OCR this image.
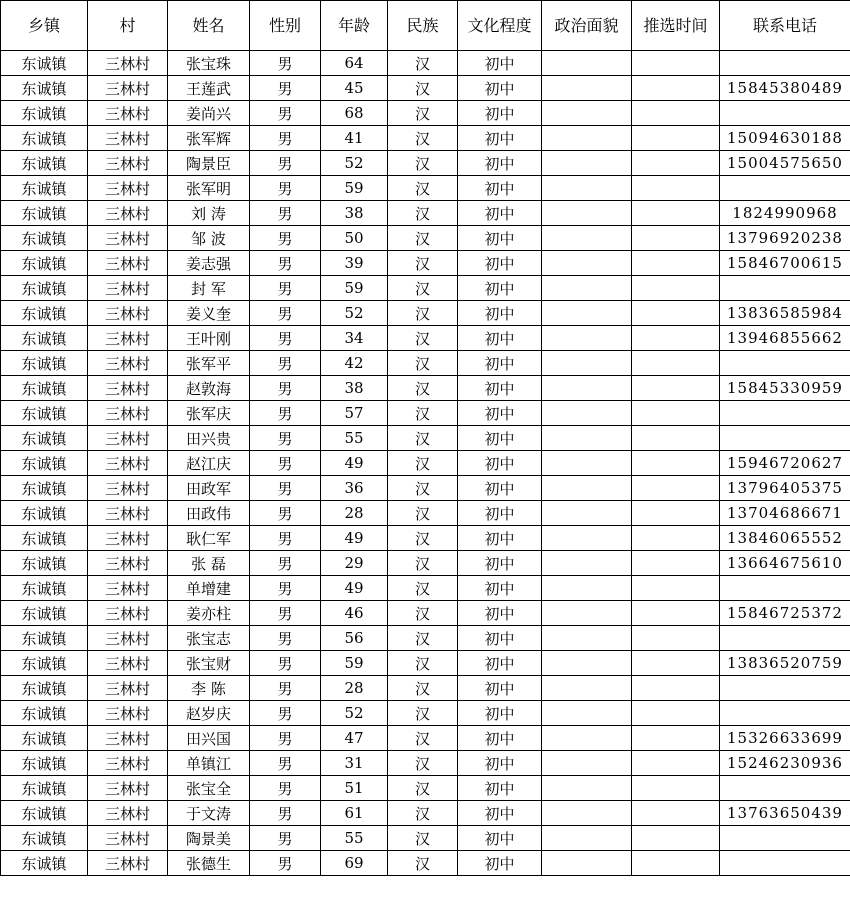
乡镇	村	姓名	性别	年龄	民族	文化程度	政治面貌	推选时间	联系电话
东诚镇	三林村	张宝珠	男	64	汉	初中			
东诚镇	三林村	王莲武	男	45	汉	初中			15845380489
东诚镇	三林村	姜尚兴	男	68	汉	初中			
东诚镇	三林村	张军辉	男	41	汉	初中			15094630188
东诚镇	三林村	陶景臣	男	52	汉	初中			15004575650
东诚镇	三林村	张军明	男	59	汉	初中			
东诚镇	三林村	刘 涛	男	38	汉	初中			1824990968
东诚镇	三林村	邹 波	男	50	汉	初中			13796920238
东诚镇	三林村	姜志强	男	39	汉	初中			15846700615
东诚镇	三林村	封 军	男	59	汉	初中			
东诚镇	三林村	姜义奎	男	52	汉	初中			13836585984
东诚镇	三林村	王叶刚	男	34	汉	初中			13946855662
东诚镇	三林村	张军平	男	42	汉	初中			
东诚镇	三林村	赵敦海	男	38	汉	初中			15845330959
东诚镇	三林村	张军庆	男	57	汉	初中			
东诚镇	三林村	田兴贵	男	55	汉	初中			
东诚镇	三林村	赵江庆	男	49	汉	初中			15946720627
东诚镇	三林村	田政军	男	36	汉	初中			13796405375
东诚镇	三林村	田政伟	男	28	汉	初中			13704686671
东诚镇	三林村	耿仁军	男	49	汉	初中			13846065552
东诚镇	三林村	张 磊	男	29	汉	初中			13664675610
东诚镇	三林村	单增建	男	49	汉	初中			
东诚镇	三林村	姜亦柱	男	46	汉	初中			15846725372
东诚镇	三林村	张宝志	男	56	汉	初中			
东诚镇	三林村	张宝财	男	59	汉	初中			13836520759
东诚镇	三林村	李 陈	男	28	汉	初中			
东诚镇	三林村	赵岁庆	男	52	汉	初中			
东诚镇	三林村	田兴国	男	47	汉	初中			15326633699
东诚镇	三林村	单镇江	男	31	汉	初中			15246230936
东诚镇	三林村	张宝全	男	51	汉	初中			
东诚镇	三林村	于文涛	男	61	汉	初中			13763650439
东诚镇	三林村	陶景美	男	55	汉	初中			
东诚镇	三林村	张德生	男	69	汉	初中			
